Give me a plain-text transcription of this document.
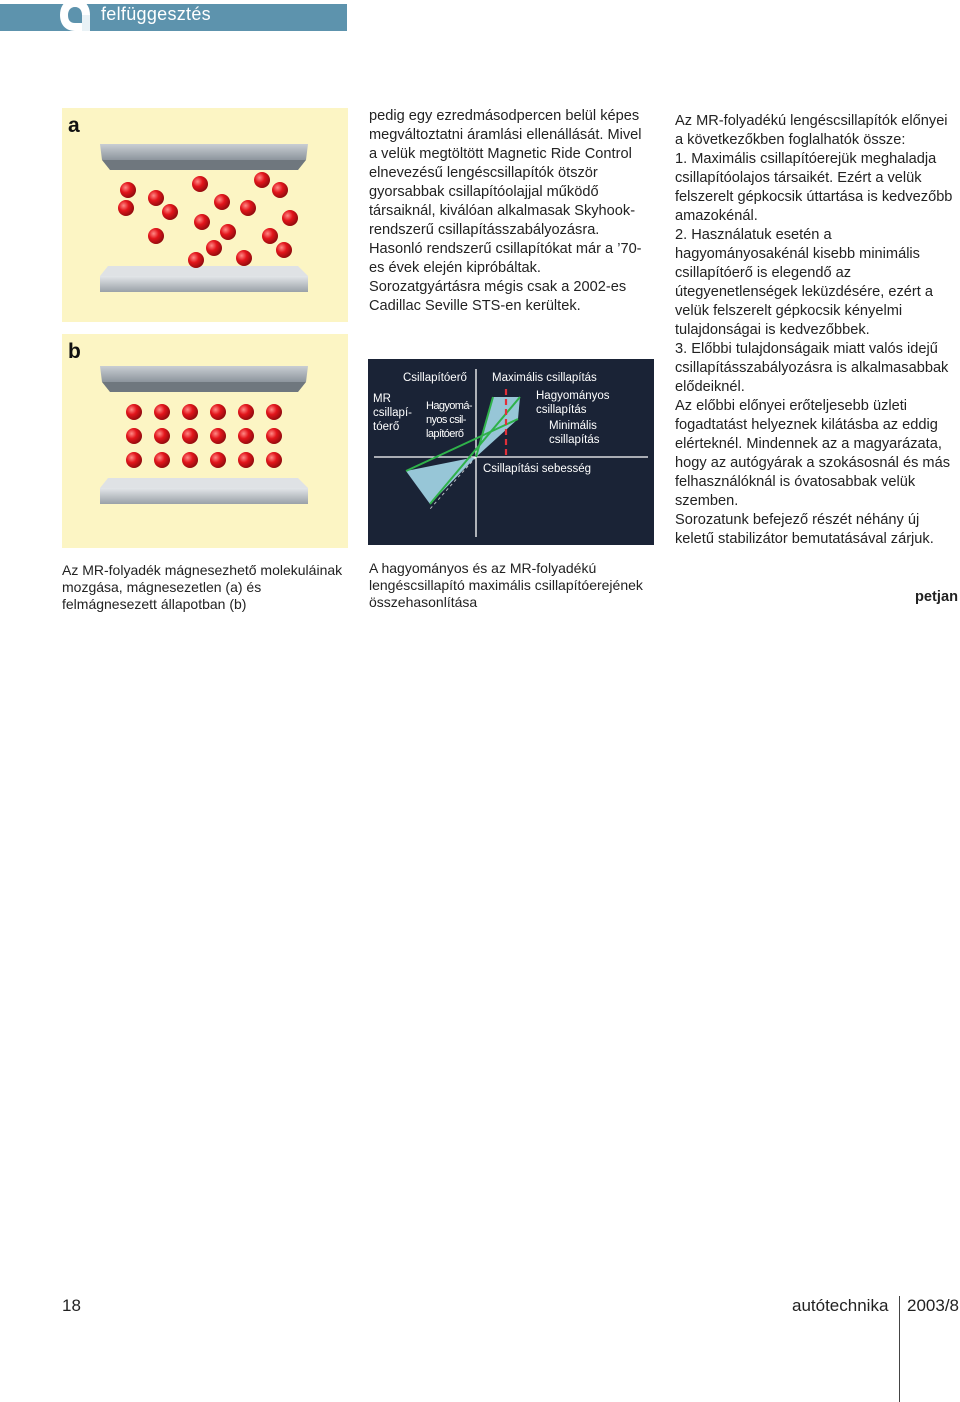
felfüggesztés
a
b
Az MR-folyadék mágnesezhető molekuláinak mozgása, mágnesezetlen (a) és felmágnesezett állapotban (b)

pedig egy ezredmásodpercen belül képes megváltoztatni áramlási ellenállását. Mivel a velük megtöltött Magnetic Ride Control elnevezésű lengéscsillapítók ötször gyorsabbak csillapítóolajjal működő társaiknál, kiválóan alkalmasak Skyhook-rendszerű csillapításszabályozásra.

Hasonló rendszerű csillapítókat már a ’70-es évek elején kipróbáltak. Sorozatgyártásra mégis csak a 2002-es Cadillac Seville STS-en kerültek.

Csillapítóerő Maximális csillapítás
MR csillapí- tóerő
Hagyomá- nyos csil- lapítóerő
Hagyományos csillapítás
Minimális csillapítás
Csillapítási sebesség
A hagyományos és az MR-folyadékú lengéscsillapító maximális csillapítóerejének összehasonlítása

Az MR-folyadékú lengéscsillapítók előnyei a következőkben foglalhatók össze:

1. Maximális csillapítóerejük meghaladja csillapítóolajos társaikét. Ezért a velük felszerelt gépkocsik úttartása is kedvezőbb amazokénál.

2. Használatuk esetén a hagyományosakénál kisebb minimális csillapítóerő is elegendő az útegyenetlenségek leküzdésére, ezért a velük felszerelt gépkocsik kényelmi tulajdonságai is kedvezőbbek.

3. Előbbi tulajdonságaik miatt valós idejű csillapításszabályozásra is alkalmasabbak elődeiknél.

Az előbbi előnyei erőteljesebb üzleti fogadtatást helyeznek kilátásba az eddig elérteknél. Mindennek az a magyarázata, hogy az autógyárak a szokásosnál és más felhasználóknál is óvatosabbak velük szemben.

Sorozatunk befejező részét néhány új keletű stabilizátor bemutatásával zárjuk.

petjan
18	autótechnika 2003/8
